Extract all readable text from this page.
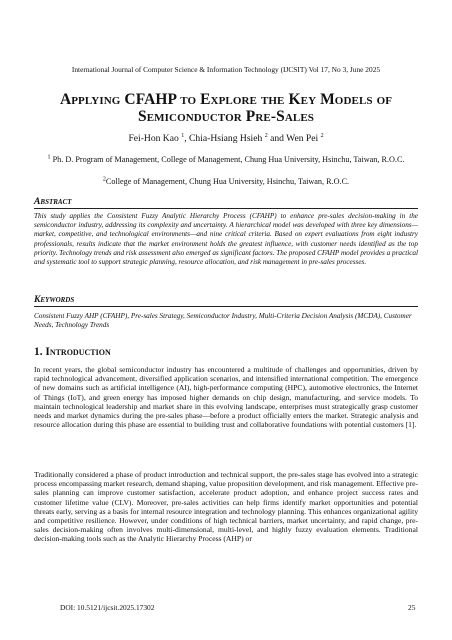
International Journal of Computer Science & Information Technology (IJCSIT) Vol 17, No 3, June 2025
Applying CFAHP to Explore the Key Models of Semiconductor Pre-Sales
Fei-Hon Kao $^1$, Chia-Hsiang Hsieh $^2$ and Wen Pei $^2$
$^1$ Ph. D. Program of Management, College of Management, Chung Hua University, Hsinchu, Taiwan, R.O.C.
$^2$College of Management, Chung Hua University, Hsinchu, Taiwan, R.O.C.
Abstract
This study applies the Consistent Fuzzy Analytic Hierarchy Process (CFAHP) to enhance pre-sales decision-making in the semiconductor industry, addressing its complexity and uncertainty. A hierarchical model was developed with three key dimensions—market, competitive, and technological environments—and nine critical criteria. Based on expert evaluations from eight industry professionals, results indicate that the market environment holds the greatest influence, with customer needs identified as the top priority. Technology trends and risk assessment also emerged as significant factors. The proposed CFAHP model provides a practical and systematic tool to support strategic planning, resource allocation, and risk management in pre-sales processes.
Keywords
Consistent Fuzzy AHP (CFAHP), Pre-sales Strategy, Semiconductor Industry, Multi-Criteria Decision Analysis (MCDA), Customer Needs, Technology Trends
1. Introduction
In recent years, the global semiconductor industry has encountered a multitude of challenges and opportunities, driven by rapid technological advancement, diversified application scenarios, and intensified international competition. The emergence of new domains such as artificial intelligence (AI), high-performance computing (HPC), automotive electronics, the Internet of Things (IoT), and green energy has imposed higher demands on chip design, manufacturing, and service models. To maintain technological leadership and market share in this evolving landscape, enterprises must strategically grasp customer needs and market dynamics during the pre-sales phase—before a product officially enters the market. Strategic analysis and resource allocation during this phase are essential to building trust and collaborative foundations with potential customers [1].
Traditionally considered a phase of product introduction and technical support, the pre-sales stage has evolved into a strategic process encompassing market research, demand shaping, value proposition development, and risk management. Effective pre-sales planning can improve customer satisfaction, accelerate product adoption, and enhance project success rates and customer lifetime value (CLV). Moreover, pre-sales activities can help firms identify market opportunities and potential threats early, serving as a basis for internal resource integration and technology planning. This enhances organizational agility and competitive resilience. However, under conditions of high technical barriers, market uncertainty, and rapid change, pre-sales decision-making often involves multi-dimensional, multi-level, and highly fuzzy evaluation elements. Traditional decision-making tools such as the Analytic Hierarchy Process (AHP) or
DOI: 10.5121/ijcsit.2025.17302	25
